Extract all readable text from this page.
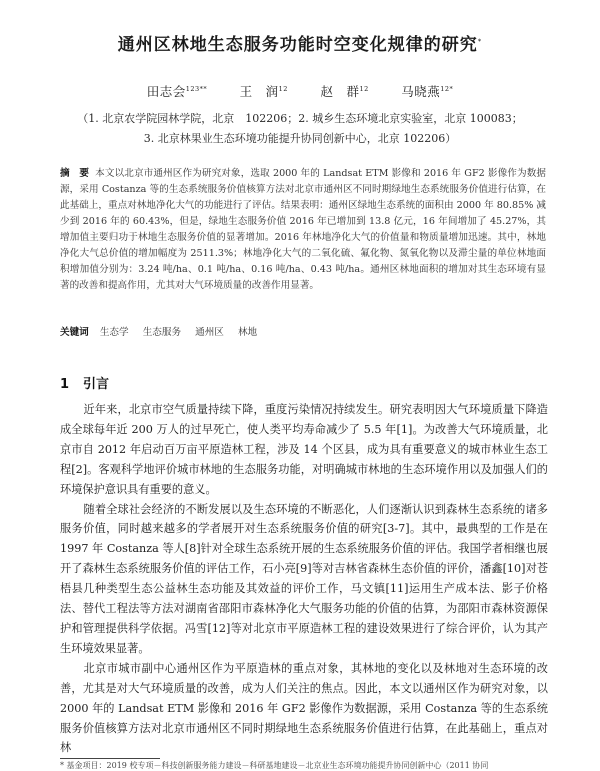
通州区林地生态服务功能时空变化规律的研究*
田志会$^{123**}$	王　润$^{12}$	赵　群$^{12}$	马晓燕$^{12*}$
（1. 北京农学院园林学院，北京　102206；2. 城乡生态环境北京实验室，北京 100083；
3. 北京林果业生态环境功能提升协同创新中心，北京 102206）
摘　要 本文以北京市通州区作为研究对象，选取 2000 年的 Landsat ETM 影像和 2016 年 GF2 影像作为数据源，采用 Costanza 等的生态系统服务价值核算方法对北京市通州区不同时期绿地生态系统服务价值进行估算，在此基础上，重点对林地净化大气的功能进行了评估。结果表明：通州区绿地生态系统的面积由 2000 年 80.85% 减少到 2016 年的 60.43%，但是，绿地生态服务价值 2016 年已增加到 13.8 亿元，16 年间增加了 45.27%，其增加值主要归功于林地生态服务价值的显著增加。2016 年林地净化大气的价值量和物质量增加迅速。其中，林地净化大气总价值的增加幅度为 2511.3%；林地净化大气的二氧化硫、氟化物、氮氧化物以及滞尘量的单位林地面积增加值分别为：3.24 吨/ha、0.1 吨/ha、0.16 吨/ha、0.43 吨/ha。通州区林地面积的增加对其生态环境有显著的改善和提高作用，尤其对大气环境质量的改善作用显著。
关键词 生态学 生态服务 通州区 林地
1 引言

近年来，北京市空气质量持续下降，重度污染情况持续发生。研究表明因大气环境质量下降造成全球每年近 200 万人的过早死亡，使人类平均寿命减少了 5.5 年[1]。为改善大气环境质量，北京市自 2012 年启动百万亩平原造林工程，涉及 14 个区县，成为具有重要意义的城市林业生态工程[2]。客观科学地评价城市林地的生态服务功能，对明确城市林地的生态环境作用以及加强人们的环境保护意识具有重要的意义。

随着全球社会经济的不断发展以及生态环境的不断恶化，人们逐渐认识到森林生态系统的诸多服务价值，同时越来越多的学者展开对生态系统服务价值的研究[3-7]。其中，最典型的工作是在 1997 年 Costanza 等人[8]针对全球生态系统开展的生态系统服务价值的评估。我国学者相继也展开了森林生态系统服务价值的评估工作，石小亮[9]等对吉林省森林生态价值的评价，潘鑫[10]对苍梧县几种类型生态公益林生态功能及其效益的评价工作，马文镇[11]运用生产成本法、影子价格法、替代工程法等方法对湖南省邵阳市森林净化大气服务功能的价值的估算，为邵阳市森林资源保护和管理提供科学依据。冯雪[12]等对北京市平原造林工程的建设效果进行了综合评价，认为其产生环境效果显著。

北京市城市副中心通州区作为平原造林的重点对象，其林地的变化以及林地对生态环境的改善，尤其是对大气环境质量的改善，成为人们关注的焦点。因此，本文以通州区作为研究对象，以 2000 年的 Landsat ETM 影像和 2016 年 GF2 影像作为数据源，采用 Costanza 等的生态系统服务价值核算方法对北京市通州区不同时期绿地生态系统服务价值进行估算，在此基础上，重点对林

* 基金项目：2019 校专项－科技创新服务能力建设－科研基地建设－北京业生态环境功能提升协同创新中心（2011 协同
